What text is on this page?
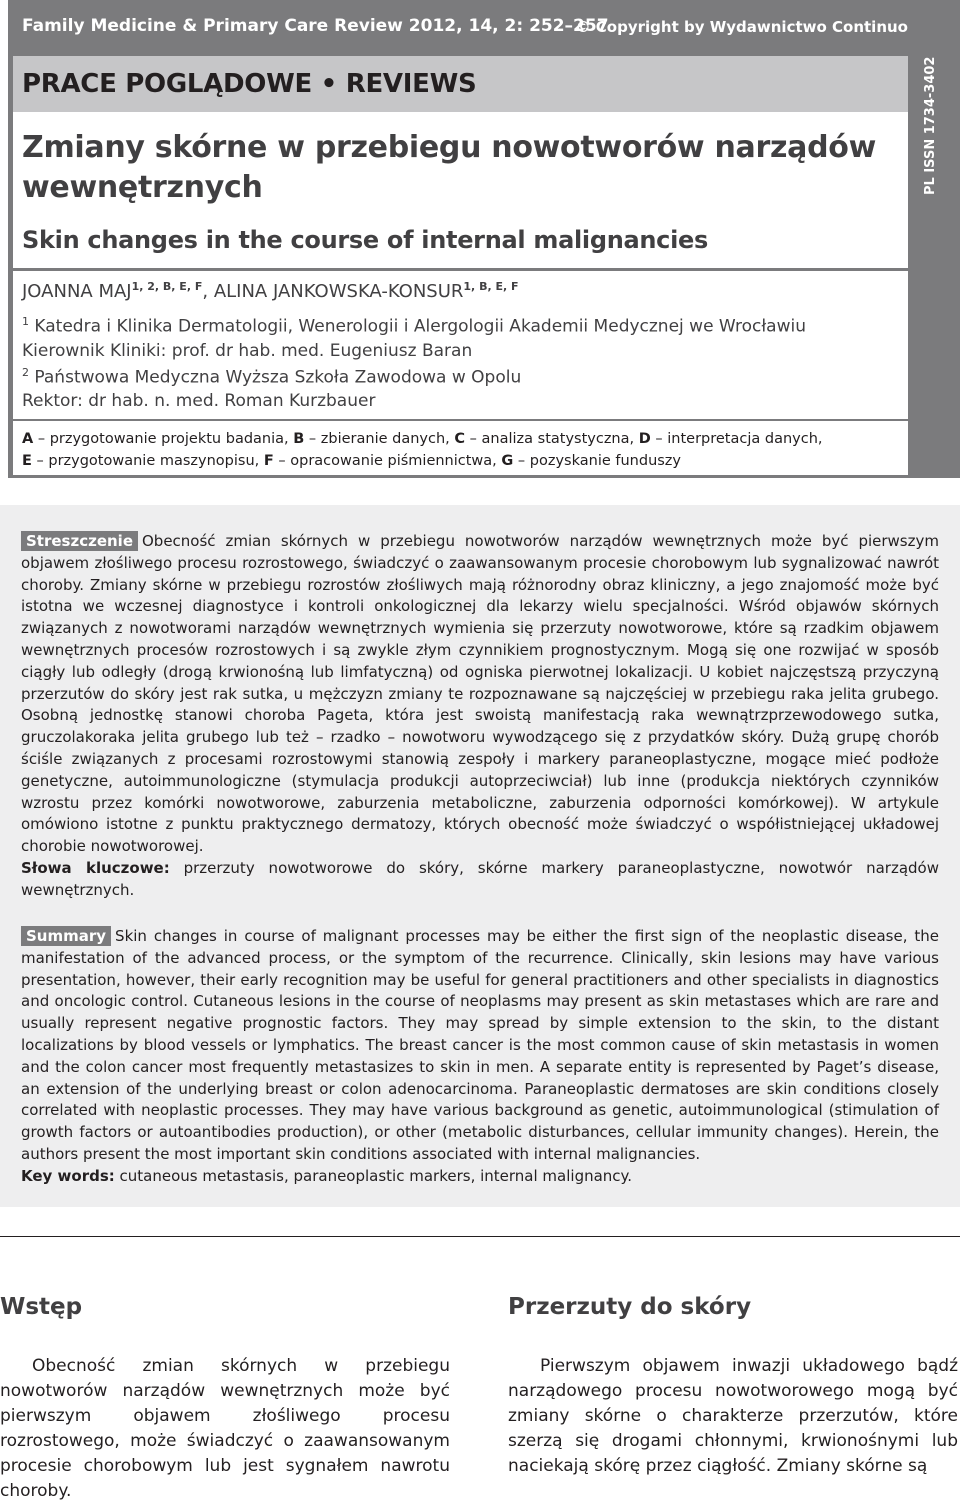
Family Medicine & Primary Care Review 2012, 14, 2: 252–257
© Copyright by Wydawnictwo Continuo
PRACE POGLĄDOWE • REVIEWS
Zmiany skórne w przebiegu nowotworów narządów wewnętrznych
Skin changes in the course of internal malignancies
JOANNA $MAJ^{1, 2, B, E, F}$, ALINA JANKOWSKA-$KONSUR^{1, B, E, F}$
$^1$ Katedra i Klinika Dermatologii, Wenerologii i Alergologii Akademii Medycznej we Wrocławiu
Kierownik Kliniki: prof. dr hab. med. Eugeniusz Baran
$^2$ Państwowa Medyczna Wyższa Szkoła Zawodowa w Opolu
Rektor: dr hab. n. med. Roman Kurzbauer
A – przygotowanie projektu badania, B – zbieranie danych, C – analiza statystyczna, D – interpretacja danych,
E – przygotowanie maszynopisu, F – opracowanie piśmiennictwa, G – pozyskanie funduszy
Streszczenie Obecność zmian skórnych w przebiegu nowotworów narządów wewnętrznych może być pierwszym objawem złośliwego procesu rozrostowego, świadczyć o zaawansowanym procesie chorobowym lub sygnalizować nawrót choroby. Zmiany skórne w przebiegu rozrostów złośliwych mają różnorodny obraz kliniczny, a jego znajomość może być istotna we wczesnej diagnostyce i kontroli onkologicznej dla lekarzy wielu specjalności. Wśród objawów skórnych związanych z nowotworami narządów wewnętrznych wymienia się przerzuty nowotworowe, które są rzadkim objawem wewnętrznych procesów rozrostowych i są zwykle złym czynnikiem prognostycznym. Mogą się one rozwijać w sposób ciągły lub odległy (drogą krwionośną lub limfatyczną) od ogniska pierwotnej lokalizacji. U kobiet najczęstszą przyczyną przerzutów do skóry jest rak sutka, u mężczyzn zmiany te rozpoznawane są najczęściej w przebiegu raka jelita grubego. Osobną jednostkę stanowi choroba Pageta, która jest swoistą manifestacją raka wewnątrzprzewodowego sutka, gruczolakoraka jelita grubego lub też – rzadko – nowotworu wywodzącego się z przydatków skóry. Dużą grupę chorób ściśle związanych z procesami rozrostowymi stanowią zespoły i markery paraneoplastyczne, mogące mieć podłoże genetyczne, autoimmunologiczne (stymulacja produkcji autoprzeciwciał) lub inne (produkcja niektórych czynników wzrostu przez komórki nowotworowe, zaburzenia metaboliczne, zaburzenia odporności komórkowej). W artykule omówiono istotne z punktu praktycznego dermatozy, których obecność może świadczyć o współistniejącej układowej chorobie nowotworowej.
Słowa kluczowe: przerzuty nowotworowe do skóry, skórne markery paraneoplastyczne, nowotwór narządów wewnętrznych.
Summary Skin changes in course of malignant processes may be either the first sign of the neoplastic disease, the manifestation of the advanced process, or the symptom of the recurrence. Clinically, skin lesions may have various presentation, however, their early recognition may be useful for general practitioners and other specialists in diagnostics and oncologic control. Cutaneous lesions in the course of neoplasms may present as skin metastases which are rare and usually represent negative prognostic factors. They may spread by simple extension to the skin, to the distant localizations by blood vessels or lymphatics. The breast cancer is the most common cause of skin metastasis in women and the colon cancer most frequently metastasizes to skin in men. A separate entity is represented by Paget’s disease, an extension of the underlying breast or colon adenocarcinoma. Paraneoplastic dermatoses are skin conditions closely correlated with neoplastic processes. They may have various background as genetic, autoimmunological (stimulation of growth factors or autoantibodies production), or other (metabolic disturbances, cellular immunity changes). Herein, the authors present the most important skin conditions associated with internal malignancies.
Key words: cutaneous metastasis, paraneoplastic markers, internal malignancy.
Wstęp
Obecność zmian skórnych w przebiegu nowotworów narządów wewnętrznych może być pierwszym objawem złośliwego procesu rozrostowego, może świadczyć o zaawansowanym procesie chorobowym lub jest sygnałem nawrotu choroby.
Przerzuty do skóry
Pierwszym objawem inwazji układowego bądź narządowego procesu nowotworowego mogą być zmiany skórne o charakterze przerzutów, które szerzą się drogami chłonnymi, krwionośnymi lub naciekają skórę przez ciągłość. Zmiany skórne są
